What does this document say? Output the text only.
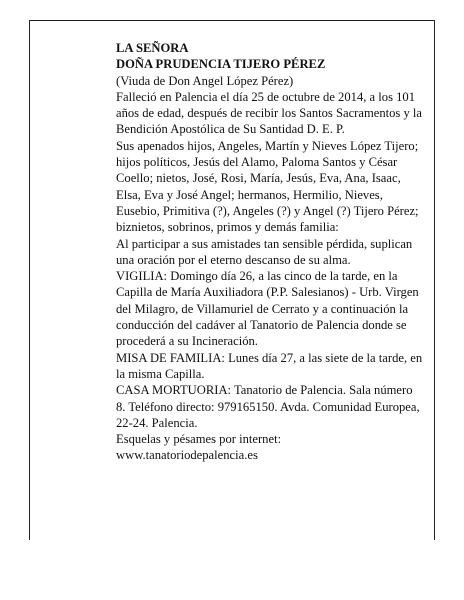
LA SEÑORA
DOÑA PRUDENCIA TIJERO PÉREZ

(Viuda de Don Angel López Pérez)

Falleció en Palencia el día 25 de octubre de 2014, a los 101 años de edad, después de recibir los Santos Sacramentos y la Bendición Apostólica de Su Santidad D. E. P.

Sus apenados hijos, Angeles, Martín y Nieves López Tijero; hijos políticos, Jesús del Alamo, Paloma Santos y César Coello; nietos, José, Rosi, María, Jesús, Eva, Ana, Isaac, Elsa, Eva y José Angel; hermanos, Hermilio, Nieves, Eusebio, Primitiva (?), Angeles (?) y Angel (?) Tijero Pérez; biznietos, sobrinos, primos y demás familia:

Al participar a sus amistades tan sensible pérdida, suplican una oración por el eterno descanso de su alma.

VIGILIA: Domingo día 26, a las cinco de la tarde, en la Capilla de María Auxiliadora (P.P. Salesianos) - Urb. Virgen del Milagro, de Villamuriel de Cerrato y a continuación la conducción del cadáver al Tanatorio de Palencia donde se procederá a su Incineración.

MISA DE FAMILIA: Lunes día 27, a las siete de la tarde, en la misma Capilla.

CASA MORTUORIA: Tanatorio de Palencia. Sala número 8. Teléfono directo: 979165150. Avda. Comunidad Europea, 22-24. Palencia.

Esquelas y pésames por internet:

www.tanatoriodepalencia.es
